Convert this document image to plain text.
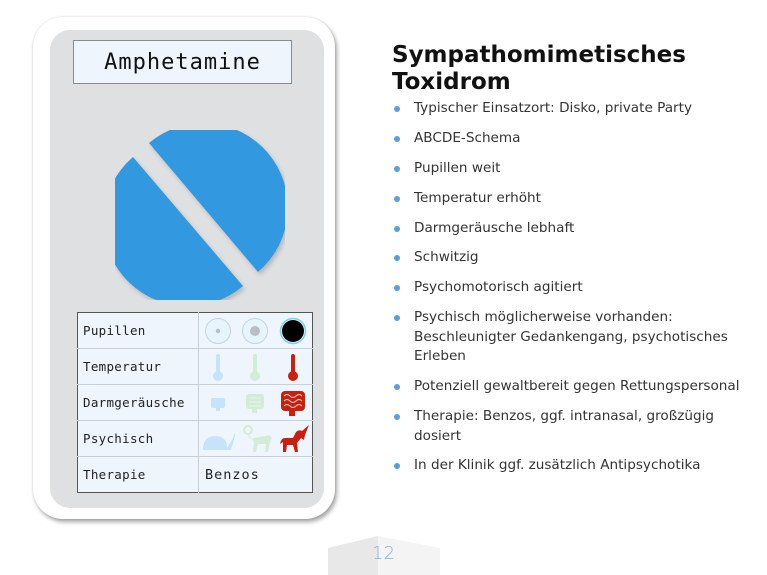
Amphetamine
Pupillen	

Temperatur	

Darmgeräusche	

Psychisch	

Therapie	Benzos
Sympathomimetisches
Toxidrom
Typischer Einsatzort: Disko, private Party
ABCDE-Schema
Pupillen weit
Temperatur erhöht
Darmgeräusche lebhaft
Schwitzig
Psychomotorisch agitiert
Psychisch möglicherweise vorhanden: Beschleunigter Gedankengang, psychotisches Erleben
Potenziell gewaltbereit gegen Rettungspersonal
Therapie: Benzos, ggf. intranasal, großzügig dosiert
In der Klinik ggf. zusätzlich Antipsychotika
12
